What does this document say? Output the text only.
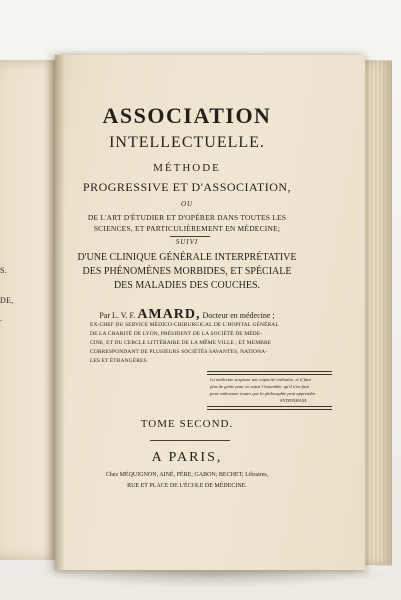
S.
DE,
.
ASSOCIATION
INTELLECTUELLE.
MÉTHODE
PROGRESSIVE ET D'ASSOCIATION,
OU
DE L'ART D'ÉTUDIER ET D'OPÉRER DANS TOUTES LES
SCIENCES, ET PARTICULIÈREMENT EN MÉDECINE;
SUIVI
D'UNE CLINIQUE GÉNÉRALE INTERPRÉTATIVE
DES PHÉNOMÈNES MORBIDES, ET SPÉCIALE
DES MALADIES DES COUCHES.
Par L. V. F. AMARD, Docteur en médecine ;
EX-CHEF DU SERVICE MÉDICO-CHIRURGICAL DE L'HOPITAL GÉNÉRAL
DE LA CHARITÉ DE LYON, PRÉSIDENT DE LA SOCIÉTÉ DE MÉDE-
CINE, ET DU CERCLE LITTÉRAIRE DE LA MÊME VILLE ; ET MEMBRE
CORRESPONDANT DE PLUSIEURS SOCIÉTÉS SAVANTES, NATIONA-
LES ET ÉTRANGÈRES.
La médecine surpasse une capacité ordinaire, et il faut
plus de génie pour en saisir l'ensemble, qu'il n'en faut
pour embrasser toutes que la philosophie peut apprendre.
SYDENHAM.
TOME SECOND.
A PARIS,
Chez MÉQUIGNON, AINÉ, PÈRE; GABON; BECHET; Libraires,
RUE ET PLACE DE L'ÉCOLE DE MÉDECINE.
